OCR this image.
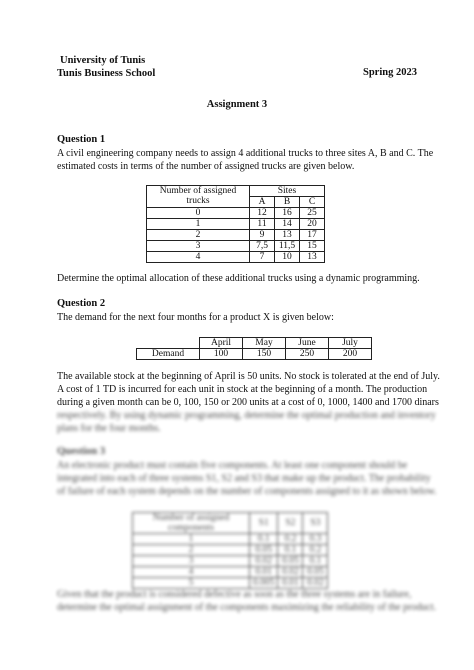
University of Tunis
Tunis Business School	Spring 2023
Assignment 3
Question 1
A civil engineering company needs to assign 4 additional trucks to three sites A, B and C. The
estimated costs in terms of the number of assigned trucks are given below.
Number of assigned trucks	Sites		
	A	B	C
0	12	16	25
1	11	14	20
2	9	13	17
3	7,5	11,5	15
4	7	10	13
Determine the optimal allocation of these additional trucks using a dynamic programming.
Question 2
The demand for the next four months for a product X is given below:
	April	May	June	July
Demand	100	150	250	200
The available stock at the beginning of April is 50 units. No stock is tolerated at the end of July.
A cost of 1 TD is incurred for each unit in stock at the beginning of a month. The production
during a given month can be 0, 100, 150 or 200 units at a cost of 0, 1000, 1400 and 1700 dinars
respectively. By using dynamic programming, determine the optimal production and inventory
plans for the four months.
Question 3
An electronic product must contain five components. At least one component should be
integrated into each of three systems S1, S2 and S3 that make up the product. The probability
of failure of each system depends on the number of components assigned to it as shown below.
Number of assigned components	S1	S2	S3
1	0.1	0.2	0.3
2	0.05	0.1	0.2
3	0.02	0.05	0.1
4	0.01	0.02	0.05
5	0.005	0.01	0.02
Given that the product is considered defective as soon as the three systems are in failure,
determine the optimal assignment of the components maximizing the reliability of the product.
